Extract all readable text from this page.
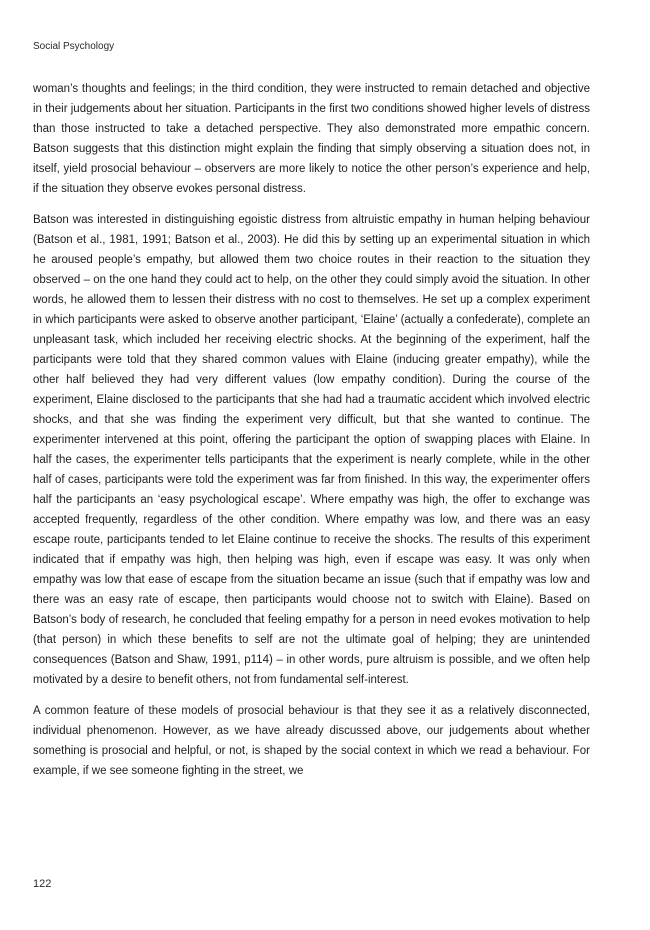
Social Psychology

woman’s thoughts and feelings; in the third condition, they were instructed to remain detached and objective in their judgements about her situation. Participants in the first two conditions showed higher levels of distress than those instructed to take a detached perspective. They also demonstrated more empathic concern. Batson suggests that this distinction might explain the finding that simply observing a situation does not, in itself, yield prosocial behaviour – observers are more likely to notice the other person’s experience and help, if the situation they observe evokes personal distress.

Batson was interested in distinguishing egoistic distress from altruistic empathy in human helping behaviour (Batson et al., 1981, 1991; Batson et al., 2003). He did this by setting up an experimental situation in which he aroused people’s empathy, but allowed them two choice routes in their reaction to the situation they observed – on the one hand they could act to help, on the other they could simply avoid the situation. In other words, he allowed them to lessen their distress with no cost to themselves. He set up a complex experiment in which participants were asked to observe another participant, ‘Elaine’ (actually a confederate), complete an unpleasant task, which included her receiving electric shocks. At the beginning of the experiment, half the participants were told that they shared common values with Elaine (inducing greater empathy), while the other half believed they had very different values (low empathy condition). During the course of the experiment, Elaine disclosed to the participants that she had had a traumatic accident which involved electric shocks, and that she was finding the experiment very difficult, but that she wanted to continue. The experimenter intervened at this point, offering the participant the option of swapping places with Elaine. In half the cases, the experimenter tells participants that the experiment is nearly complete, while in the other half of cases, participants were told the experiment was far from finished. In this way, the experimenter offers half the participants an ‘easy psychological escape’. Where empathy was high, the offer to exchange was accepted frequently, regardless of the other condition. Where empathy was low, and there was an easy escape route, participants tended to let Elaine continue to receive the shocks. The results of this experiment indicated that if empathy was high, then helping was high, even if escape was easy. It was only when empathy was low that ease of escape from the situation became an issue (such that if empathy was low and there was an easy rate of escape, then participants would choose not to switch with Elaine). Based on Batson’s body of research, he concluded that feeling empathy for a person in need evokes motivation to help (that person) in which these benefits to self are not the ultimate goal of helping; they are unintended consequences (Batson and Shaw, 1991, p114) – in other words, pure altruism is possible, and we often help motivated by a desire to benefit others, not from fundamental self-interest.

A common feature of these models of prosocial behaviour is that they see it as a relatively disconnected, individual phenomenon. However, as we have already discussed above, our judgements about whether something is prosocial and helpful, or not, is shaped by the social context in which we read a behaviour. For example, if we see someone fighting in the street, we

122
